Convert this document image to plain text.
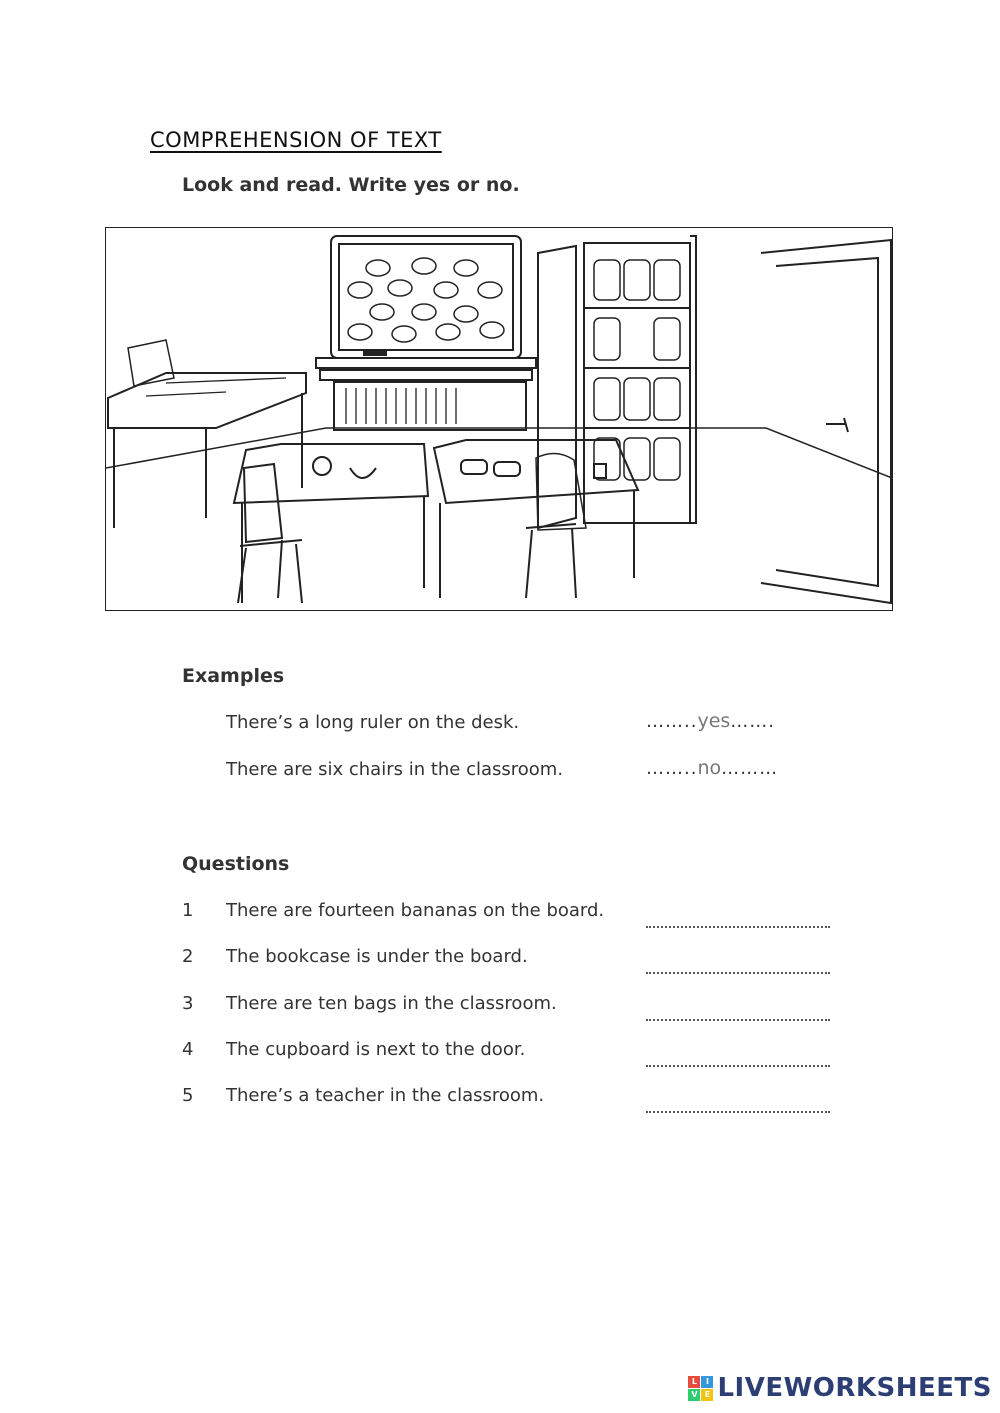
COMPREHENSION OF TEXT
Look and read. Write yes or no.
Examples
There’s a long ruler on the desk.	……..yes…….
There are six chairs in the classroom.	……..no………
Questions
1 There are fourteen bananas on the board.
2 The bookcase is under the board.
3 There are ten bags in the classroom.
4 The cupboard is next to the door.
5 There’s a teacher in the classroom.
L	I
V E LIVEWORKSHEETS
